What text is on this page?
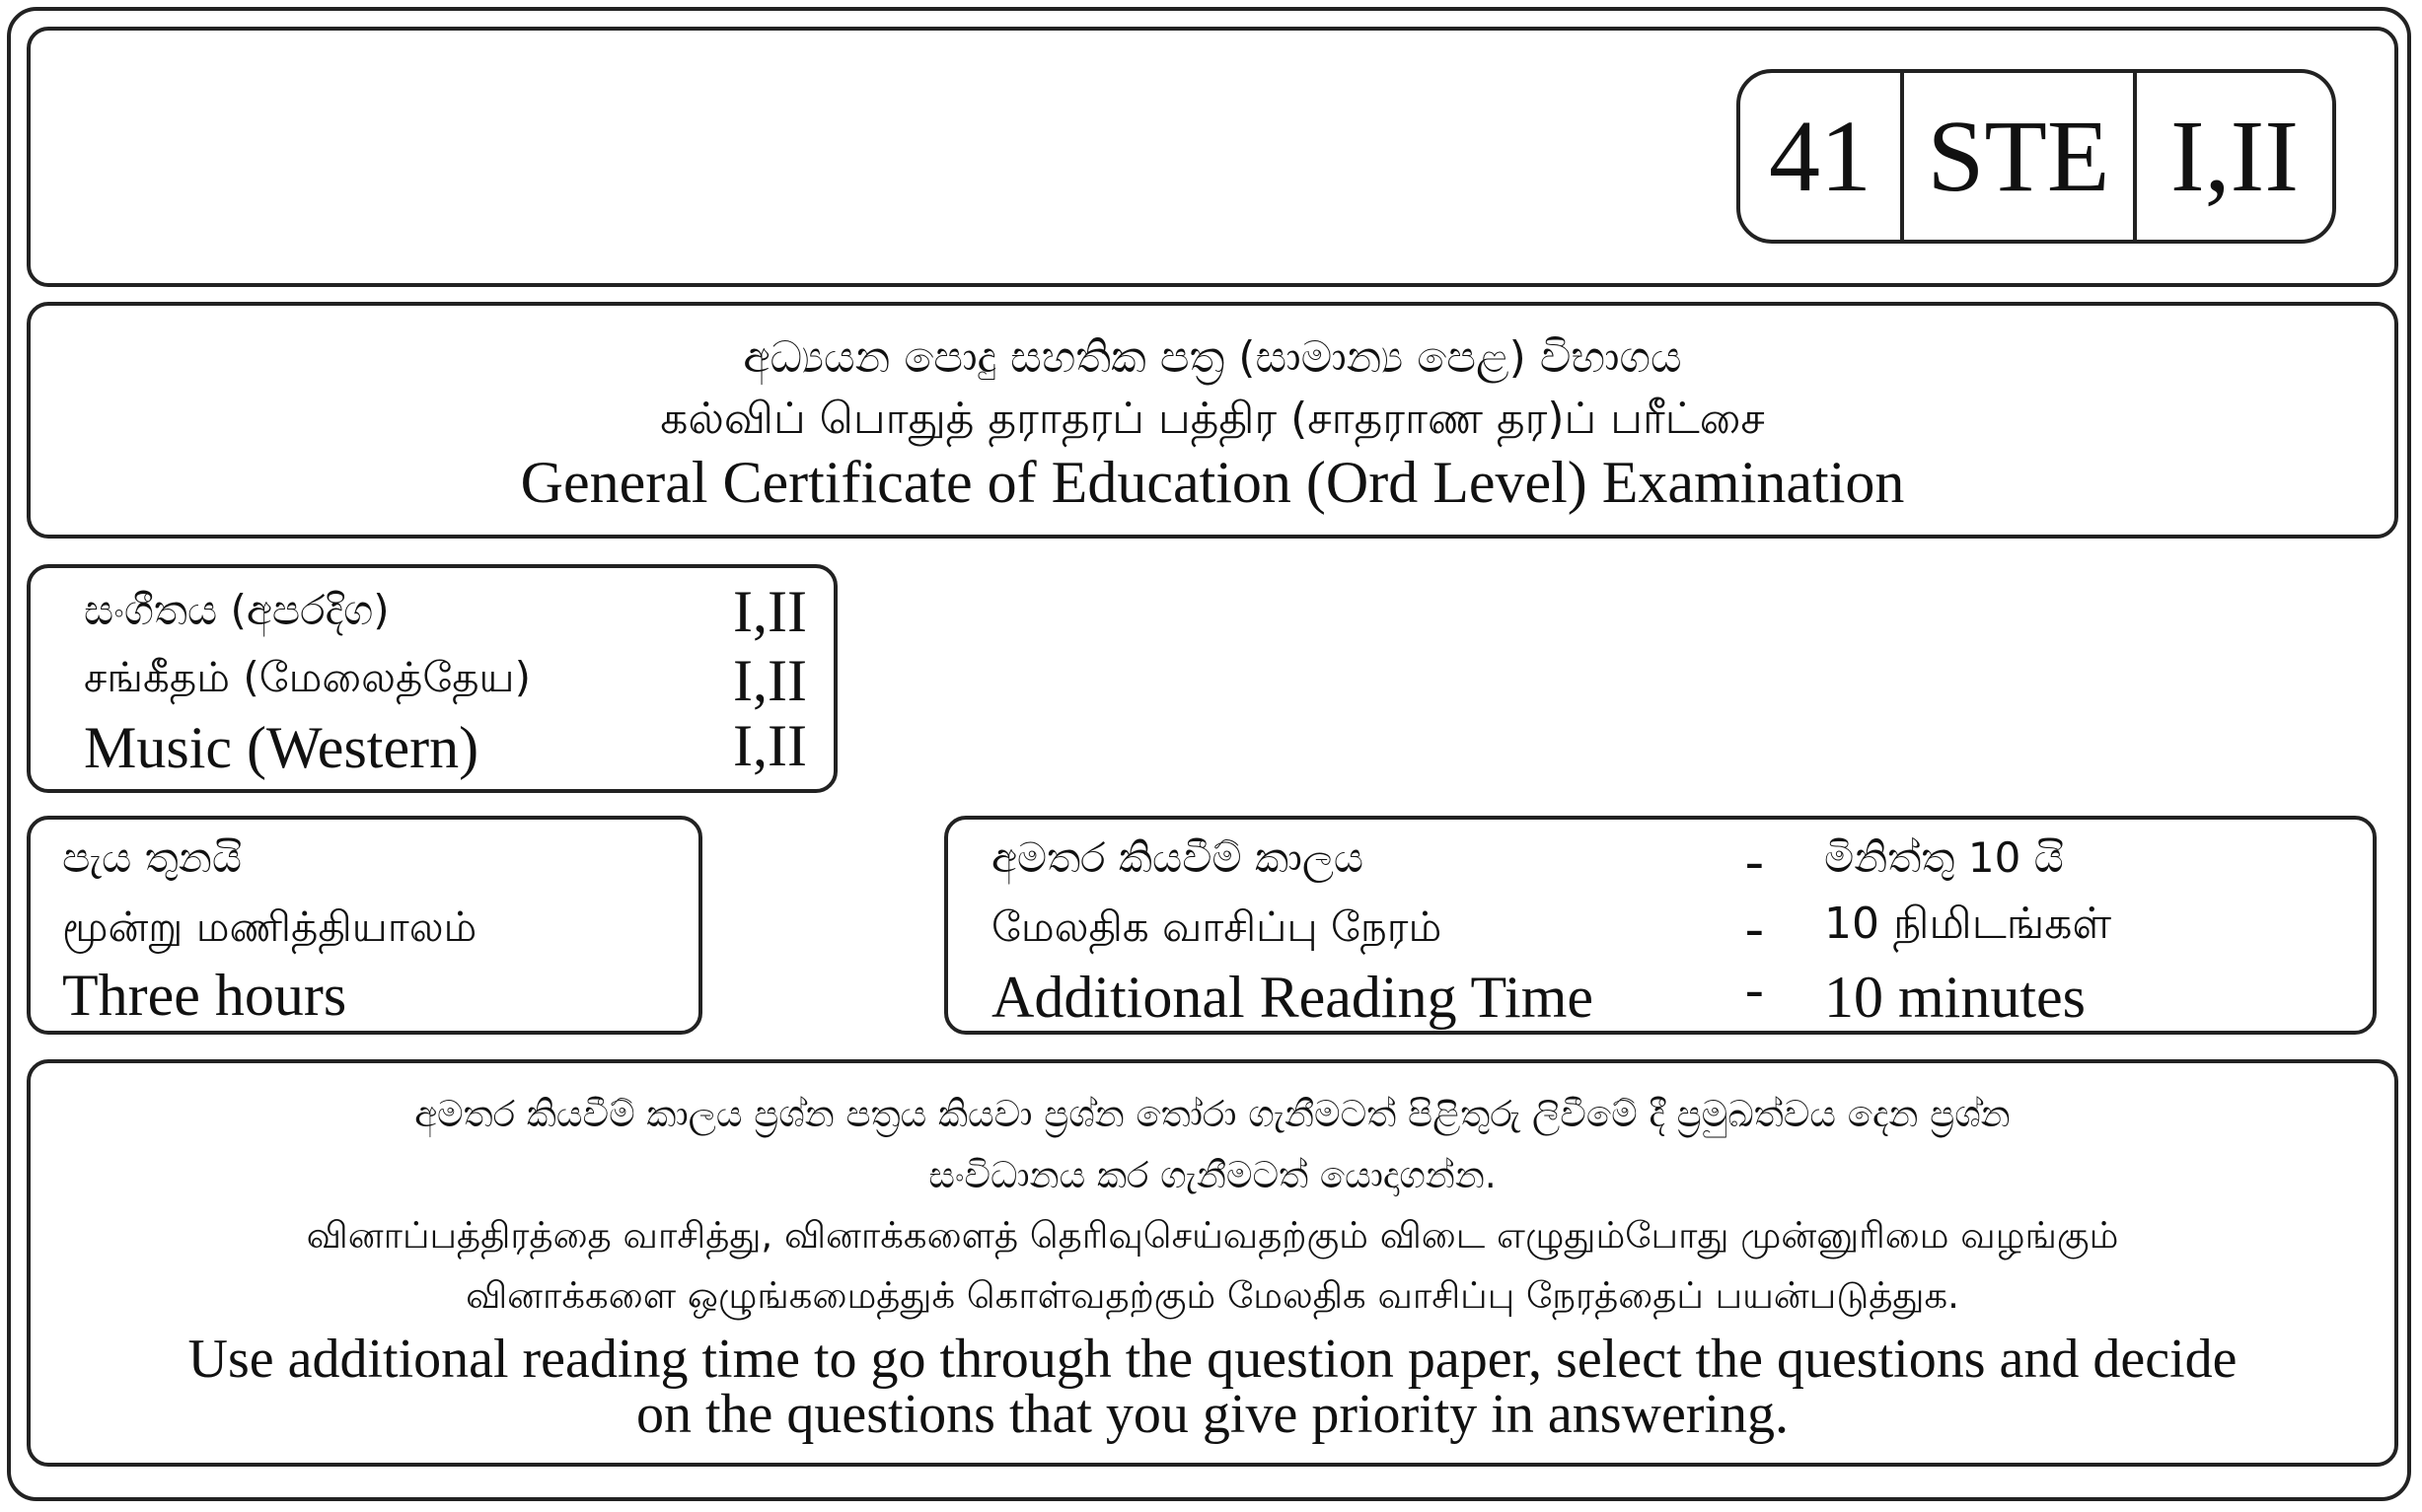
41 STE I,II
අධ්‍යයන පොදු සහතික පත්‍ර (සාමාන්‍ය පෙළ) විභාගය
கல்விப் பொதுத் தராதரப் பத்திர (சாதராண தர)ப் பரீட்சை
General Certificate of Education (Ord Level) Examination
සංගීතය (අපරදිග)	I,II
சங்கீதம் (மேலைத்தேய)	I,II
Music (Western)	I,II
පැය තුනයි
மூன்று மணித்தியாலம்
Three hours
අමතර කියවීම් කාලය	- මිනිත්තු 10 යි
மேலதிக வாசிப்பு நேரம்	- 10 நிமிடங்கள்
Additional Reading Time	- 10 minutes
අමතර කියවීම් කාලය ප්‍රශ්න පත්‍රය කියවා ප්‍රශ්න තෝරා ගැනීමටත් පිළිතුරු ලිවීමේ දී ප්‍රමුඛත්වය දෙන ප්‍රශ්න
සංවිධානය කර ගැනීමටත් යොදාගන්න.
வினாப்பத்திரத்தை வாசித்து, வினாக்களைத் தெரிவுசெய்வதற்கும் விடை எழுதும்போது முன்னுரிமை வழங்கும்
வினாக்களை ஒழுங்கமைத்துக் கொள்வதற்கும் மேலதிக வாசிப்பு நேரத்தைப் பயன்படுத்துக.
Use additional reading time to go through the question paper, select the questions and decide
on the questions that you give priority in answering.
